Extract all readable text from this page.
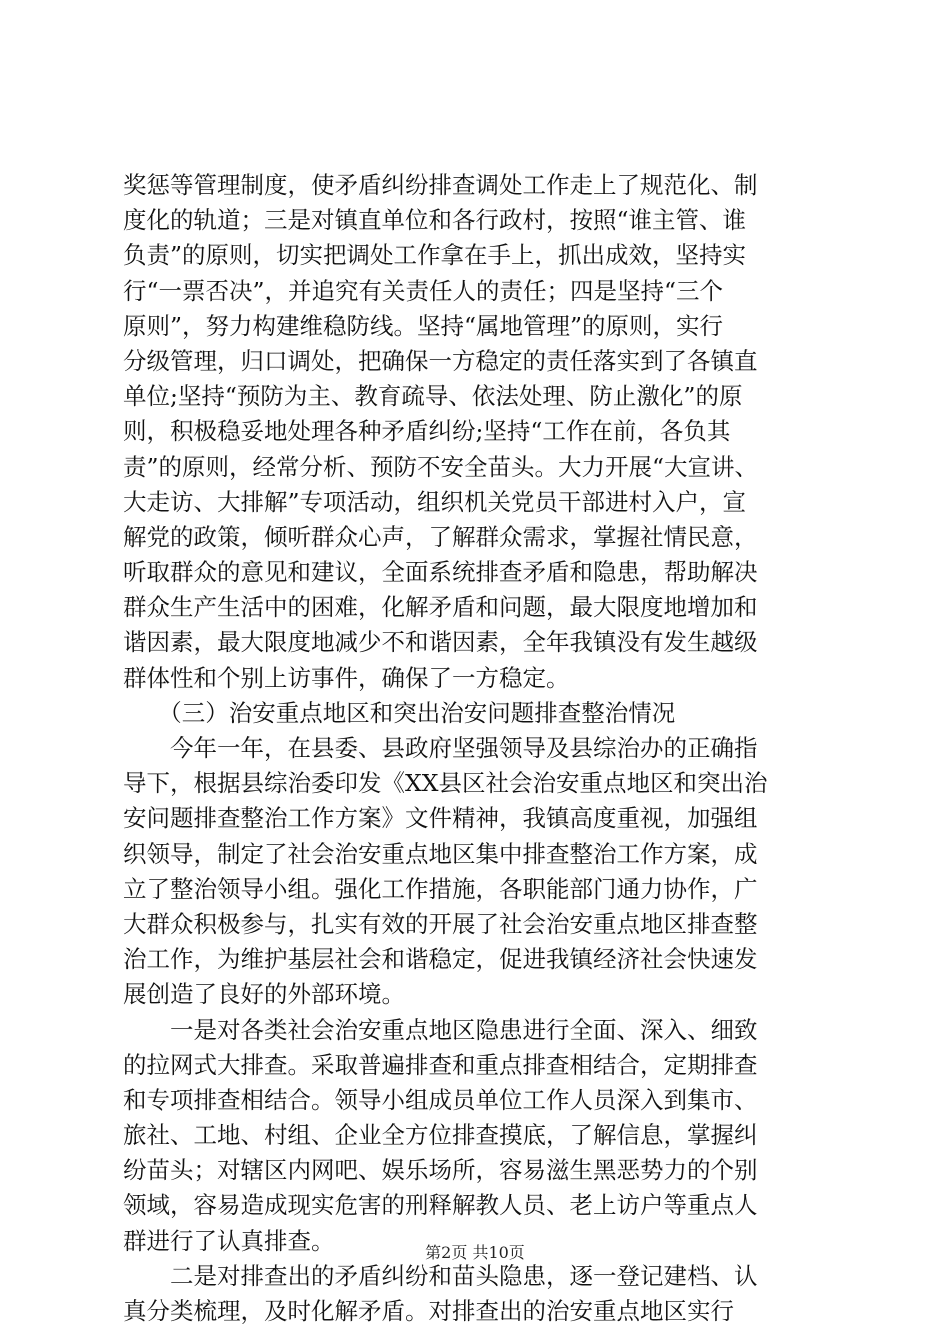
奖惩等管理制度，使矛盾纠纷排查调处工作走上了规范化、制
度化的轨道；三是对镇直单位和各行政村，按照“谁主管、谁
负责”的原则，切实把调处工作拿在手上，抓出成效，坚持实
行“一票否决”，并追究有关责任人的责任；四是坚持“三个
原则”，努力构建维稳防线。坚持“属地管理”的原则，实行
分级管理，归口调处，把确保一方稳定的责任落实到了各镇直
单位;坚持“预防为主、教育疏导、依法处理、防止激化”的原
则，积极稳妥地处理各种矛盾纠纷;坚持“工作在前，各负其
责”的原则，经常分析、预防不安全苗头。大力开展“大宣讲、
大走访、大排解”专项活动，组织机关党员干部进村入户，宣
解党的政策，倾听群众心声，了解群众需求，掌握社情民意，
听取群众的意见和建议，全面系统排查矛盾和隐患，帮助解决
群众生产生活中的困难，化解矛盾和问题，最大限度地增加和
谐因素，最大限度地减少不和谐因素，全年我镇没有发生越级
群体性和个别上访事件，确保了一方稳定。
　　（三）治安重点地区和突出治安问题排查整治情况
　　今年一年，在县委、县政府坚强领导及县综治办的正确指
导下，根据县综治委印发《XX县区社会治安重点地区和突出治
安问题排查整治工作方案》文件精神，我镇高度重视，加强组
织领导，制定了社会治安重点地区集中排查整治工作方案，成
立了整治领导小组。强化工作措施，各职能部门通力协作，广
大群众积极参与，扎实有效的开展了社会治安重点地区排查整
治工作，为维护基层社会和谐稳定，促进我镇经济社会快速发
展创造了良好的外部环境。
　　一是对各类社会治安重点地区隐患进行全面、深入、细致
的拉网式大排查。采取普遍排查和重点排查相结合，定期排查
和专项排查相结合。领导小组成员单位工作人员深入到集市、
旅社、工地、村组、企业全方位排查摸底，了解信息，掌握纠
纷苗头；对辖区内网吧、娱乐场所，容易滋生黑恶势力的个别
领域，容易造成现实危害的刑释解教人员、老上访户等重点人
群进行了认真排查。
　　二是对排查出的矛盾纠纷和苗头隐患，逐一登记建档、认
真分类梳理，及时化解矛盾。对排查出的治安重点地区实行
第2页 共10页
